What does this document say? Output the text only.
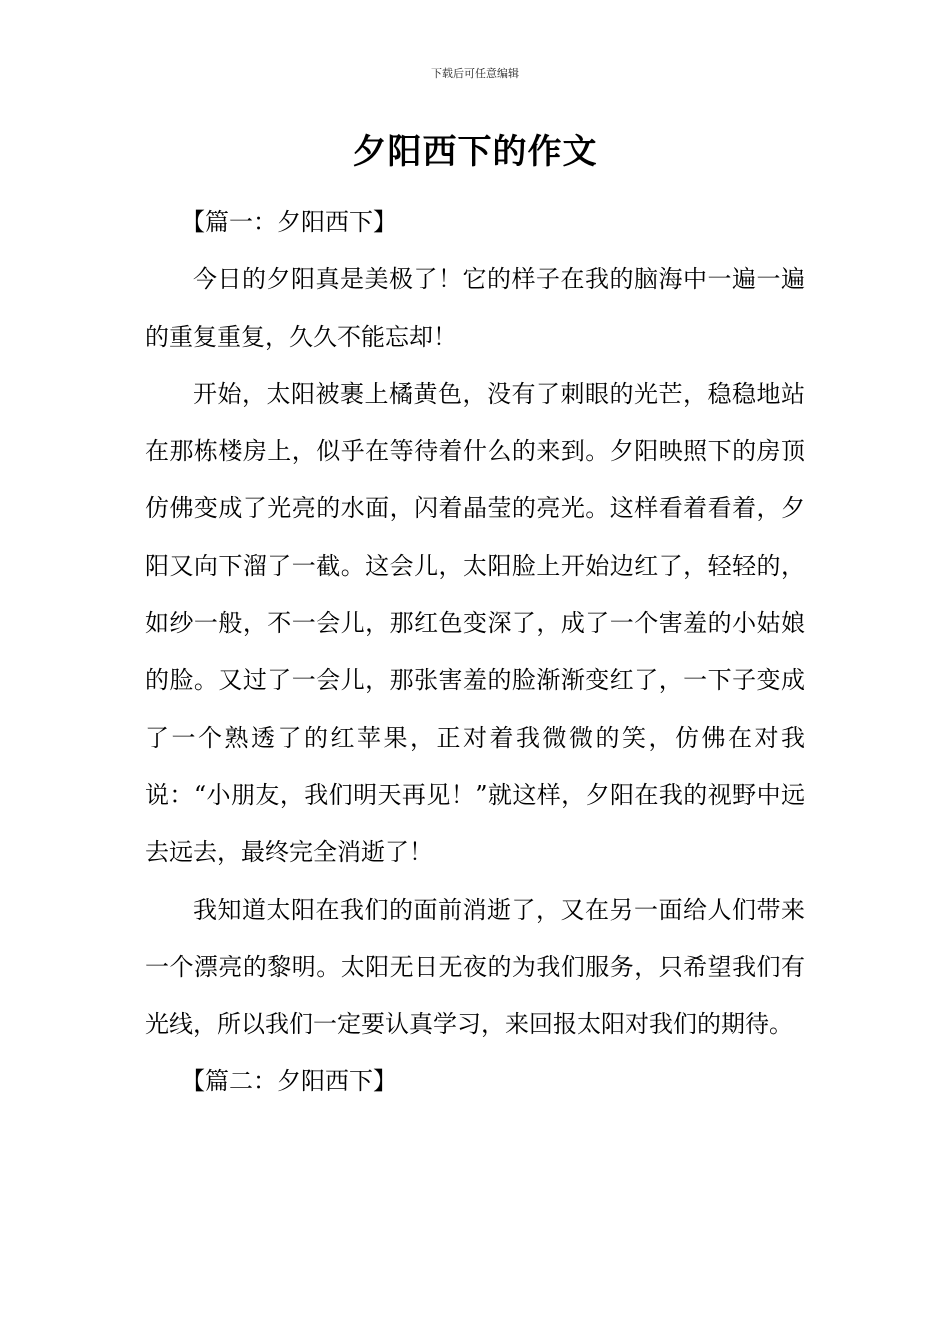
下载后可任意编辑
夕阳西下的作文

【篇一：夕阳西下】

今日的夕阳真是美极了！它的样子在我的脑海中一遍一遍的重复重复，久久不能忘却！

开始，太阳被裹上橘黄色，没有了刺眼的光芒，稳稳地站在那栋楼房上，似乎在等待着什么的来到。夕阳映照下的房顶仿佛变成了光亮的水面，闪着晶莹的亮光。这样看着看着，夕阳又向下溜了一截。这会儿，太阳脸上开始边红了，轻轻的，如纱一般，不一会儿，那红色变深了，成了一个害羞的小姑娘的脸。又过了一会儿，那张害羞的脸渐渐变红了，一下子变成了一个熟透了的红苹果，正对着我微微的笑，仿佛在对我说：“小朋友，我们明天再见！”就这样，夕阳在我的视野中远去远去，最终完全消逝了！

我知道太阳在我们的面前消逝了，又在另一面给人们带来一个漂亮的黎明。太阳无日无夜的为我们服务，只希望我们有光线，所以我们一定要认真学习，来回报太阳对我们的期待。

【篇二：夕阳西下】
